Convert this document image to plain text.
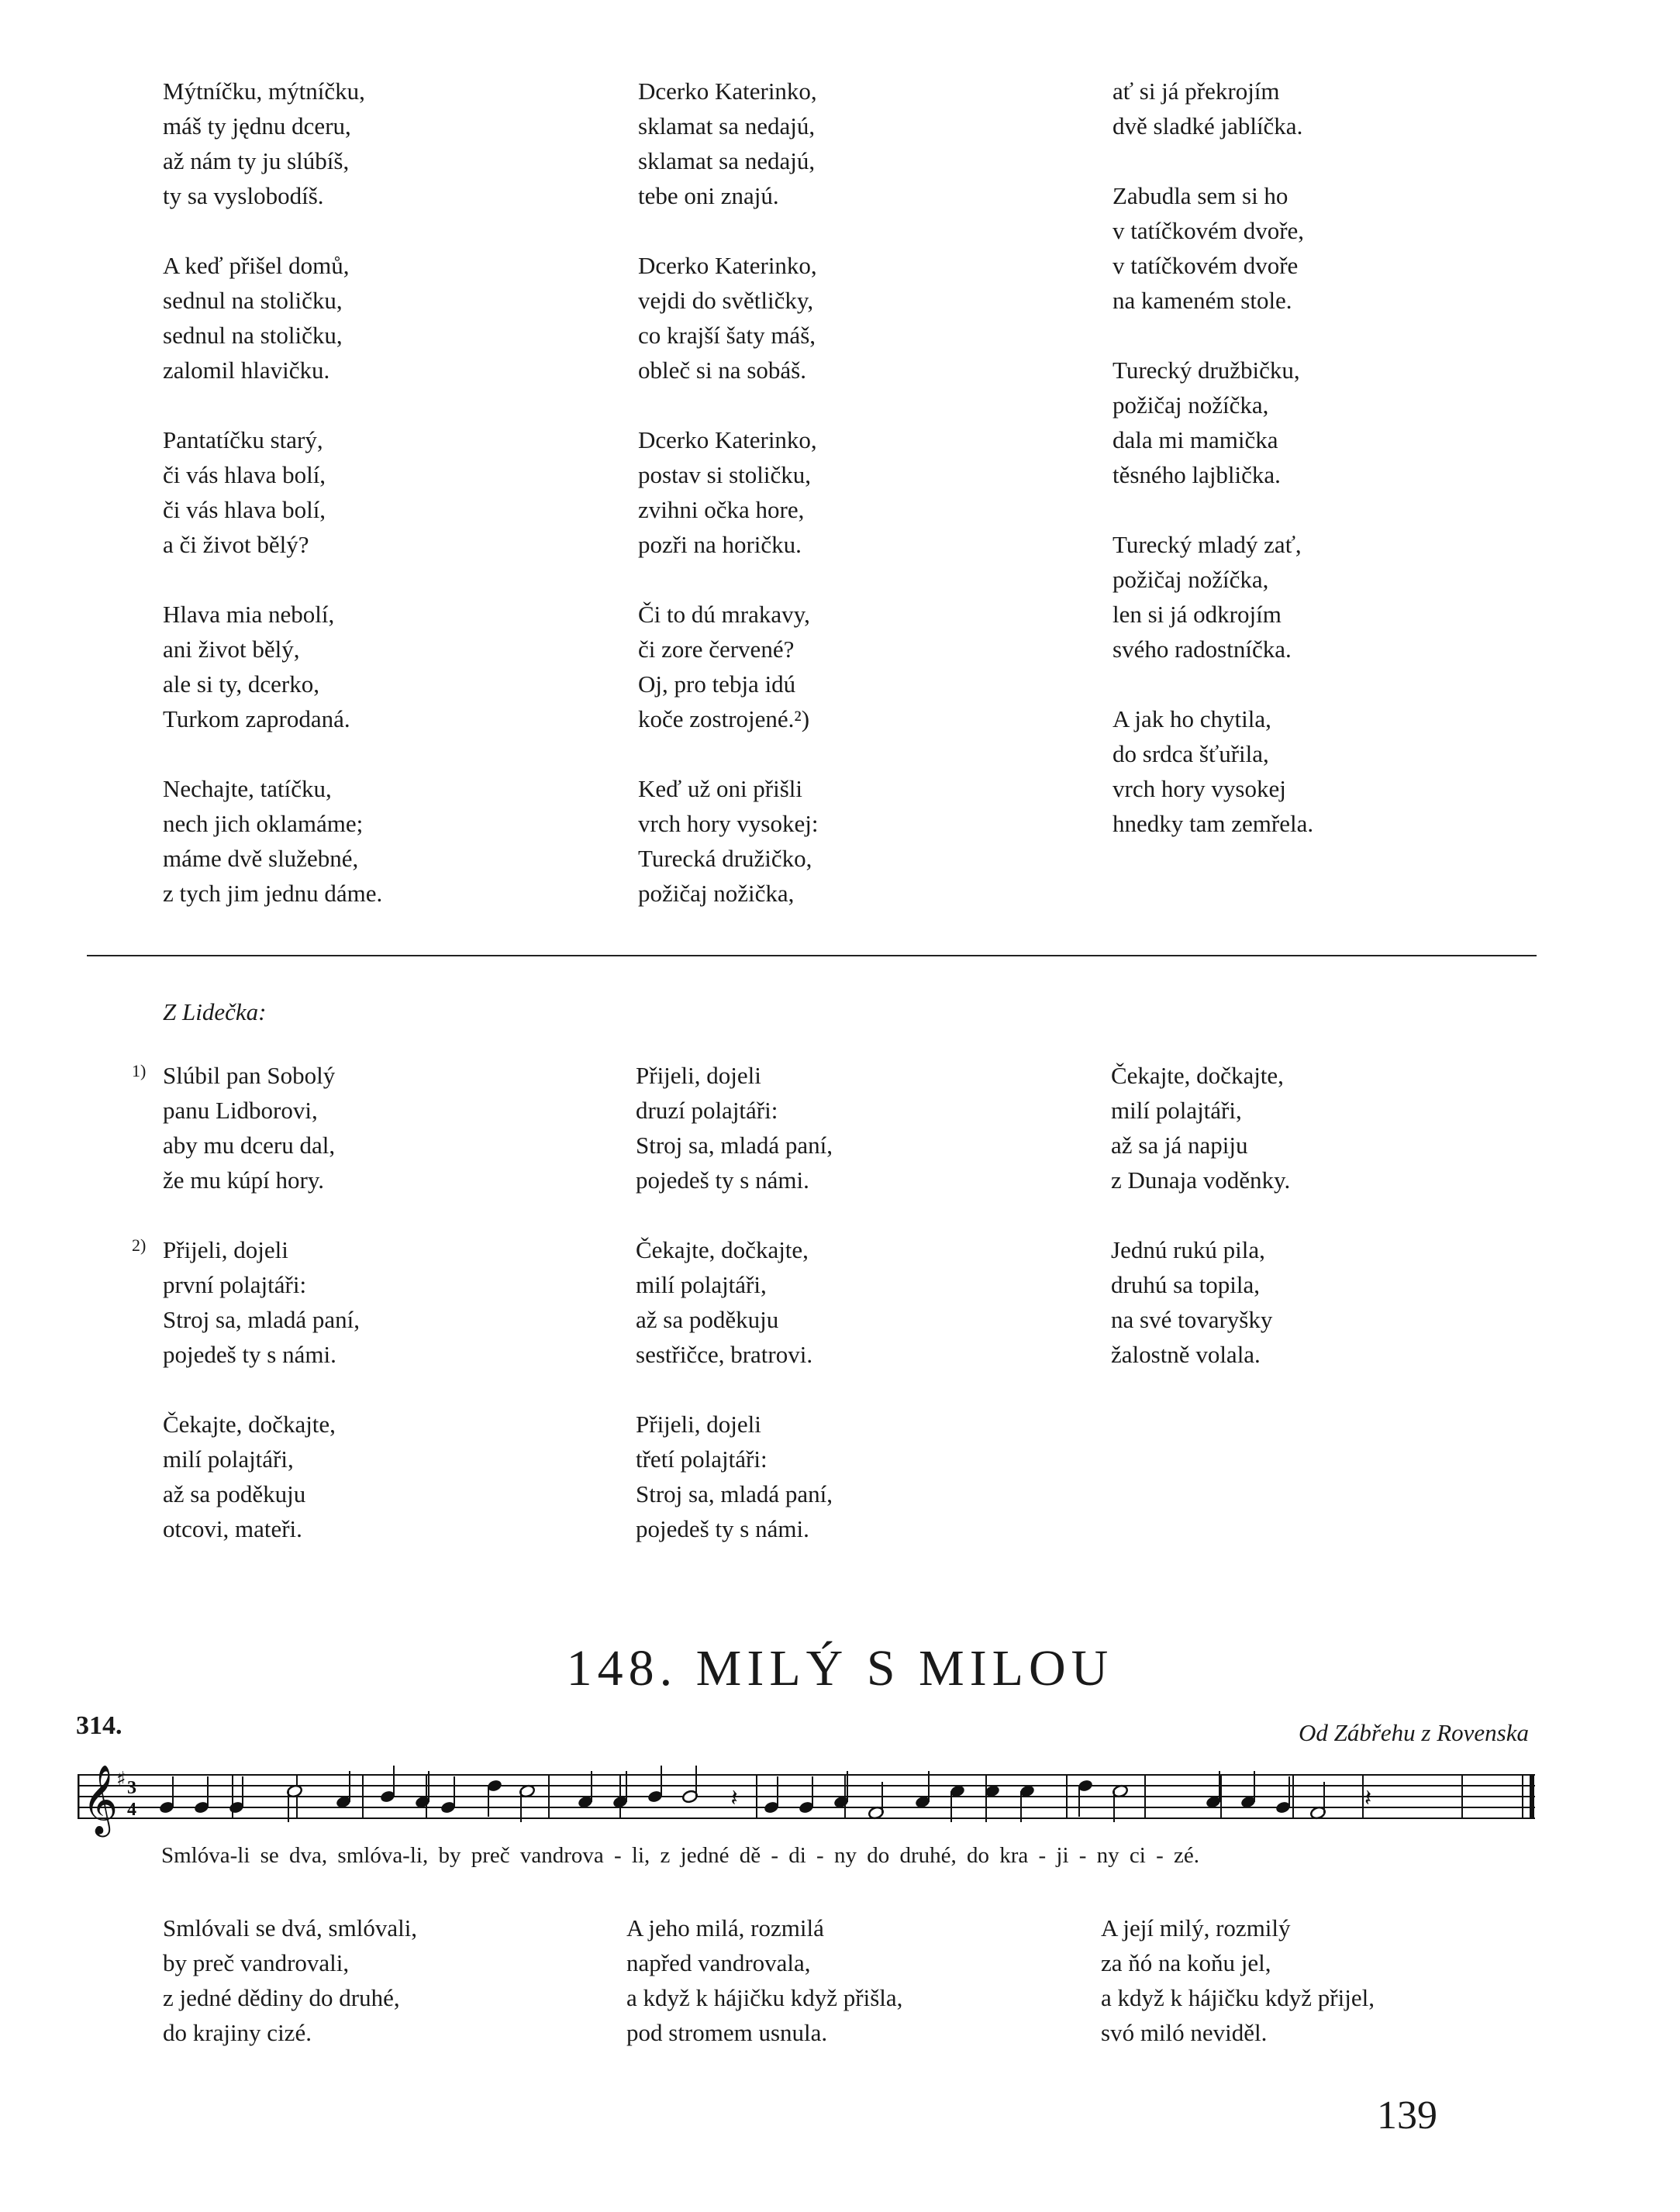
Mýtníčku, mýtníčku,
máš ty jędnu dceru,
až nám ty ju slúbíš,
ty sa vyslobodíš.
A keď přišel domů,
sednul na stoličku,
sednul na stoličku,
zalomil hlavičku.
Pantatíčku starý,
či vás hlava bolí,
či vás hlava bolí,
a či život bělý?
Hlava mia nebolí,
ani život bělý,
ale si ty, dcerko,
Turkom zaprodaná.
Nechajte, tatíčku,
nech jich oklamáme;
máme dvě služebné,
z tych jim jednu dáme.
Dcerko Katerinko,
sklamat sa nedajú,
sklamat sa nedajú,
tebe oni znajú.
Dcerko Katerinko,
vejdi do světličky,
co krajší šaty máš,
obleč si na sobáš.
Dcerko Katerinko,
postav si stoličku,
zvihni očka hore,
pozři na horičku.
Či to dú mrakavy,
či zore červené?
Oj, pro tebja idú
koče zostrojené.²)
Keď už oni přišli
vrch hory vysokej:
Turecká družičko,
požičaj nožička,
ať si já překrojím
dvě sladké jablíčka.
Zabudla sem si ho
v tatíčkovém dvoře,
v tatíčkovém dvoře
na kameném stole.
Turecký družbičku,
požičaj nožíčka,
dala mi mamička
těsného lajblička.
Turecký mladý zať,
požičaj nožíčka,
len si já odkrojím
svého radostníčka.
A jak ho chytila,
do srdca šťuřila,
vrch hory vysokej
hnedky tam zemřela.
Z Lidečka:
1) Slúbil pan Sobolý
panu Lidborovi,
aby mu dceru dal,
že mu kúpí hory.
2) Přijeli, dojeli
první polajtáři:
Stroj sa, mladá paní,
pojedeš ty s námi.
Čekajte, dočkajte,
milí polajtáři,
až sa poděkuju
otcovi, mateři.
Přijeli, dojeli
druzí polajtáři:
Stroj sa, mladá paní,
pojedeš ty s námi.
Čekajte, dočkajte,
milí polajtáři,
až sa poděkuju
sestřičce, bratrovi.
Přijeli, dojeli
třetí polajtáři:
Stroj sa, mladá paní,
pojedeš ty s námi.
Čekajte, dočkajte,
milí polajtáři,
až sa já napiju
z Dunaja voděnky.
Jednú rukú pila,
druhú sa topila,
na své tovaryšky
žalostně volala.
148. MILÝ S MILOU
314.	Od Zábřehu z Rovenska
𝄞
♯ 3
4	𝄽	𝄽
Smlóva-li se dva, smlóva-li, by preč vandrova - li, z jedné dě - di - ny do druhé, do kra - ji - ny ci - zé.
Smlóvali se dvá, smlóvali,
by preč vandrovali,
z jedné dědiny do druhé,
do krajiny cizé.
A jeho milá, rozmilá
napřed vandrovala,
a když k hájičku když přišla,
pod stromem usnula.
A její milý, rozmilý
za ňó na koňu jel,
a když k hájičku když přijel,
svó miló neviděl.
139
